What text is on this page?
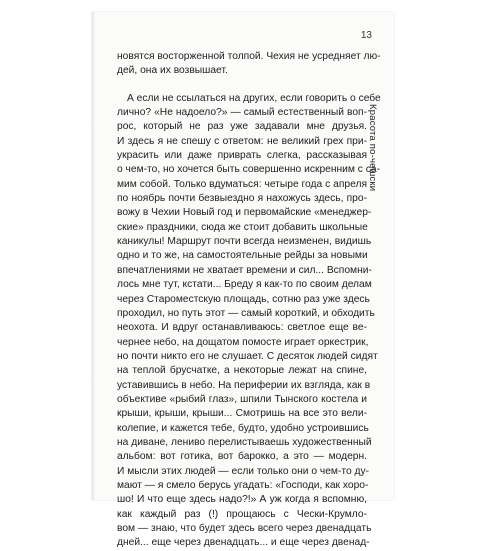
13
Красота по-чешски
новятся восторженной толпой. Чехия не усредняет лю-
дей, она их возвышает.
А если не ссылаться на других, если говорить о себе
лично? «Не надоело?» — самый естественный воп-
рос, который не раз уже задавали мне друзья.
И здесь я не спешу с ответом: не великий грех при-
украсить или даже приврать слегка, рассказывая
о чем-то, но хочется быть совершенно искренним с са-
мим собой. Только вдуматься: четыре года с апреля
по ноябрь почти безвыездно я нахожусь здесь, про-
вожу в Чехии Новый год и первомайские «менеджер-
ские» праздники, сюда же стоит добавить школьные
каникулы! Маршрут почти всегда неизменен, видишь
одно и то же, на самостоятельные рейды за новыми
впечатлениями не хватает времени и сил... Вспомни-
лось мне тут, кстати... Бреду я как-то по своим делам
через Староместскую площадь, сотню раз уже здесь
проходил, но путь этот — самый короткий, и обходить
неохота. И вдруг останавливаюсь: светлое еще ве-
чернее небо, на дощатом помосте играет оркестрик,
но почти никто его не слушает. С десяток людей сидят
на теплой брусчатке, а некоторые лежат на спине,
уставившись в небо. На периферии их взгляда, как в
объективе «рыбий глаз», шпили Тынского костела и
крыши, крыши, крыши... Смотришь на все это вели-
колепие, и кажется тебе, будто, удобно устроившись
на диване, лениво перелистываешь художественный
альбом: вот готика, вот барокко, а это — модерн.
И мысли этих людей — если только они о чем-то ду-
мают — я смело берусь угадать: «Господи, как хоро-
шо! И что еще здесь надо?!» А уж когда я вспомню,
как каждый раз (!) прощаюсь с Чески-Крумло-
вом — знаю, что будет здесь всего через двенадцать
дней... еще через двенадцать... и еще через двенад-
